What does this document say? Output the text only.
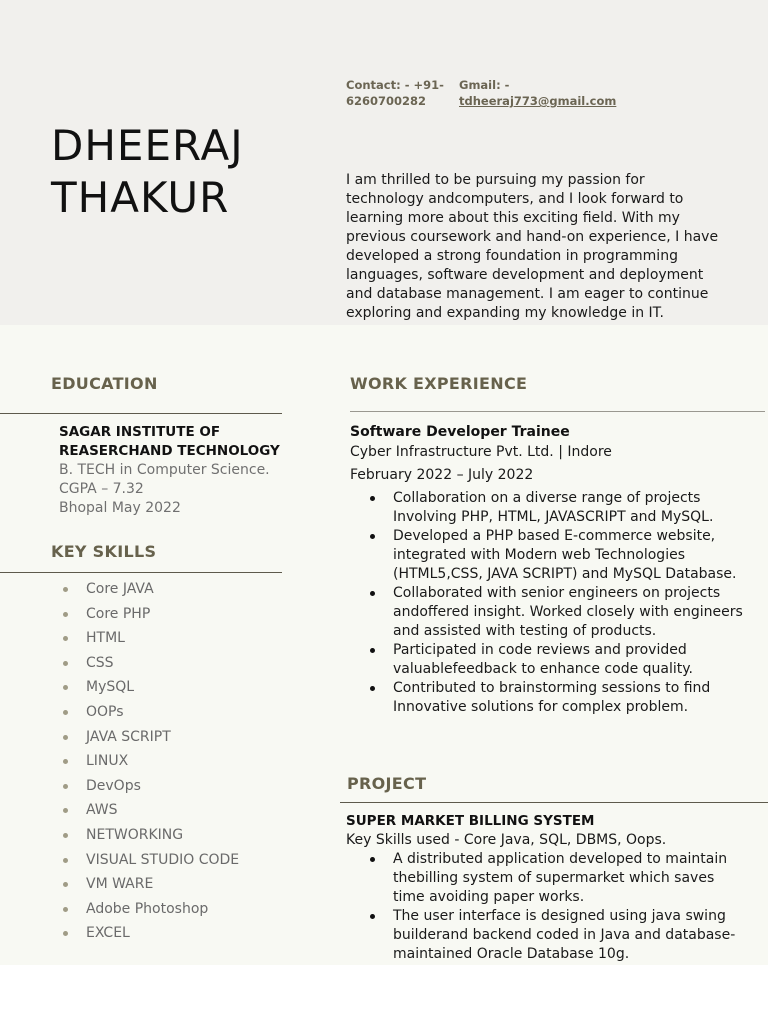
DHEERAJ
THAKUR
Contact: - +91-
6260700282
Gmail: -
tdheeraj773@gmail.com
I am thrilled to be pursuing my passion for technology andcomputers, and I look forward to learning more about this exciting field. With my previous coursework and hand-on experience, I have developed a strong foundation in programming languages, software development and deployment and database management. I am eager to continue exploring and expanding my knowledge in IT.
EDUCATION
SAGAR INSTITUTE OF
REASERCHAND TECHNOLOGY
B. TECH in Computer Science.
CGPA – 7.32
Bhopal May 2022
KEY SKILLS
Core JAVA
Core PHP
HTML
CSS
MySQL
OOPs
JAVA SCRIPT
LINUX
DevOps
AWS
NETWORKING
VISUAL STUDIO CODE
VM WARE
Adobe Photoshop
EXCEL
WORK EXPERIENCE
Software Developer Trainee
Cyber Infrastructure Pvt. Ltd. | Indore
February 2022 – July 2022
Collaboration on a diverse range of projects Involving PHP, HTML, JAVASCRIPT and MySQL.
Developed a PHP based E-commerce website, integrated with Modern web Technologies (HTML5,CSS, JAVA SCRIPT) and MySQL Database.
Collaborated with senior engineers on projects andoffered insight. Worked closely with engineers and assisted with testing of products.
Participated in code reviews and provided valuablefeedback to enhance code quality.
Contributed to brainstorming sessions to find Innovative solutions for complex problem.
PROJECT
SUPER MARKET BILLING SYSTEM
Key Skills used - Core Java, SQL, DBMS, Oops.
A distributed application developed to maintain thebilling system of supermarket which saves time avoiding paper works.
The user interface is designed using java swing builderand backend coded in Java and database-maintained Oracle Database 10g.
